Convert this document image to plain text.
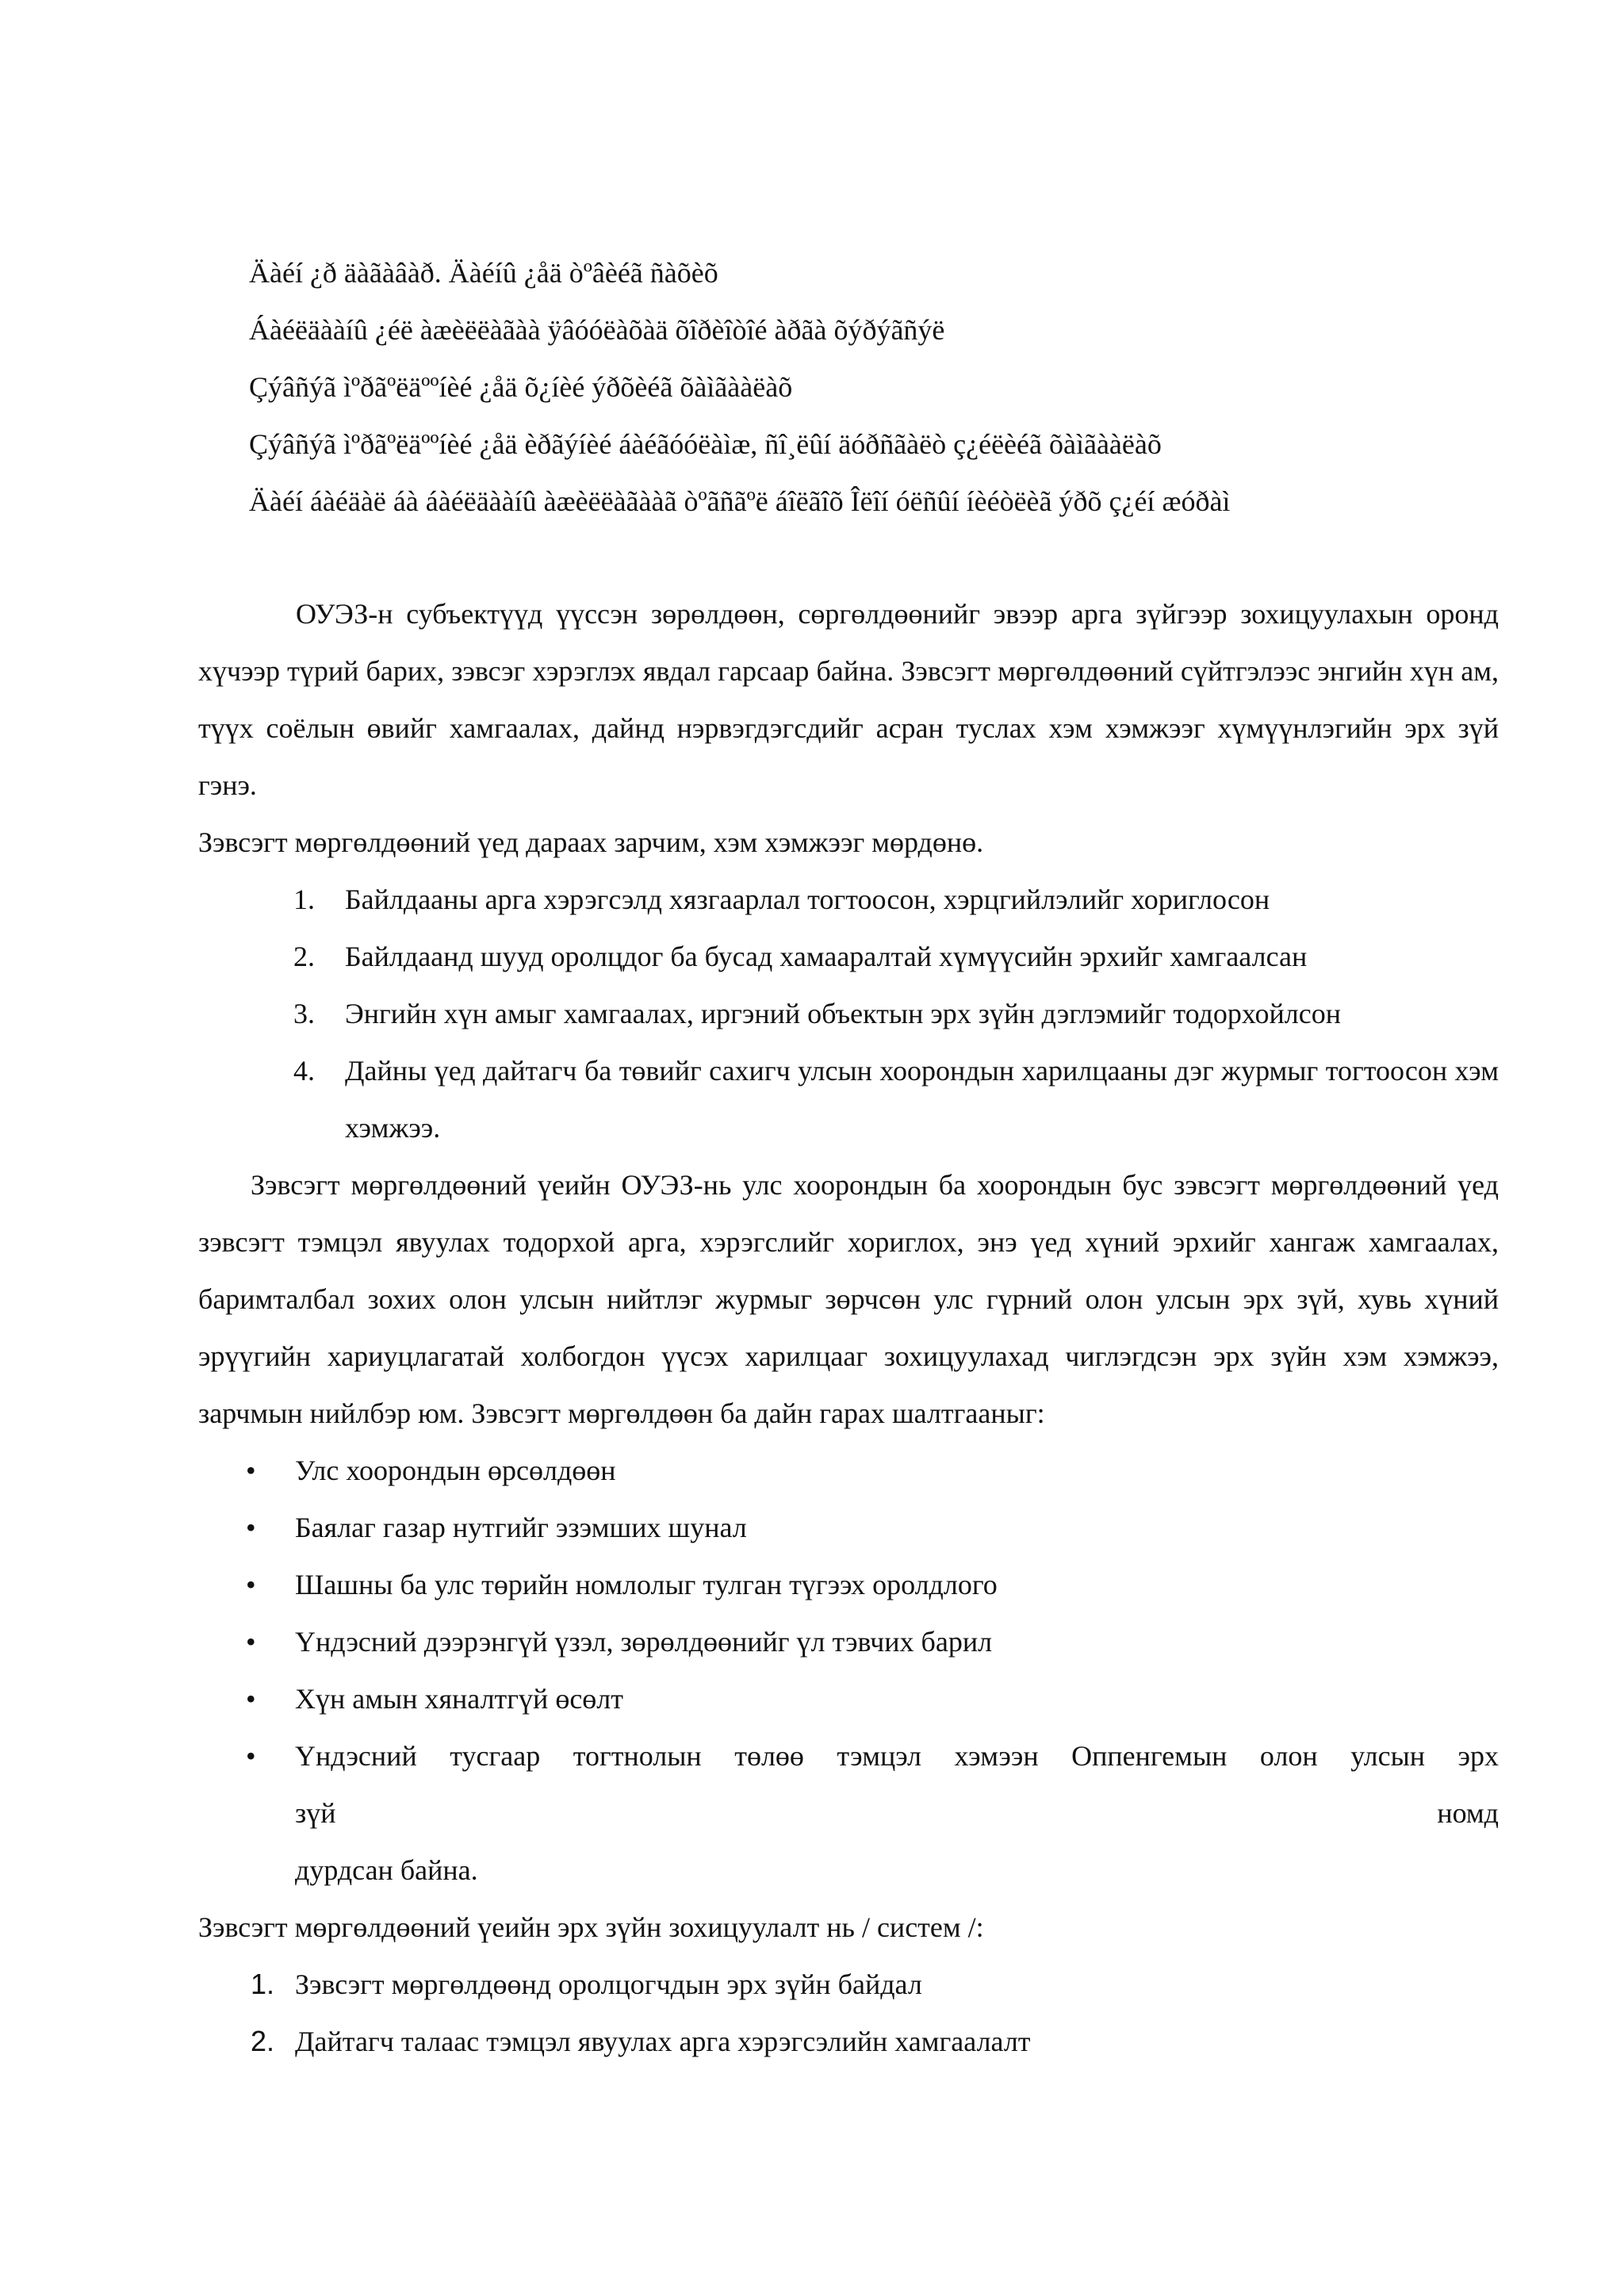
Äàéí ¿ð äàãàâàð. Äàéíû ¿åä òºâèéã ñàõèõ
Áàéëäààíû ¿éë àæèëëàãàà ÿâóóëàõàä õîðèîòîé àðãà õýðýãñýë
Çýâñýã ìºðãºëäººíèé ¿åä õ¿íèé ýðõèéã õàìãààëàõ
Çýâñýã ìºðãºëäººíèé ¿åä èðãýíèé áàéãóóëàìæ, ñî¸ëûí äóðñãàëò ç¿éëèéã õàìãààëàõ
Äàéí áàéäàë áà áàéëäààíû àæèëëàãààã òºãñãºë áîëãîõ Îëîí óëñûí íèéòëèã ýðõ ç¿éí æóðàì
ОУЭЗ-н субъектүүд үүссэн зөрөлдөөн, сөргөлдөөнийг эвээр арга зүйгээр зохицуулахын оронд хүчээр түрий барих, зэвсэг хэрэглэх явдал гарсаар байна. Зэвсэгт мөргөлдөөний сүйтгэлээс энгийн хүн ам, түүх соёлын өвийг хамгаалах, дайнд нэрвэгдэгсдийг асран туслах хэм хэмжээг хүмүүнлэгийн эрх зүй гэнэ.
Зэвсэгт мөргөлдөөний үед дараах зарчим, хэм хэмжээг мөрдөнө.
1. Байлдааны арга хэрэгсэлд хязгаарлал тогтоосон, хэрцгийлэлийг хориглосон
2. Байлдаанд шууд оролцдог ба бусад хамааралтай хүмүүсийн эрхийг хамгаалсан
3. Энгийн хүн амыг хамгаалах, иргэний объектын эрх зүйн дэглэмийг тодорхойлсон
4. Дайны үед дайтагч ба төвийг сахигч улсын хоорондын харилцааны дэг журмыг тогтоосон хэм хэмжээ.
Зэвсэгт мөргөлдөөний үеийн ОУЭЗ-нь улс хоорондын ба хоорондын бус зэвсэгт мөргөлдөөний үед зэвсэгт тэмцэл явуулах тодорхой арга, хэрэгслийг хориглох, энэ үед хүний эрхийг хангаж хамгаалах, баримталбал зохих олон улсын нийтлэг журмыг зөрчсөн улс гүрний олон улсын эрх зүй, хувь хүний эрүүгийн хариуцлагатай холбогдон үүсэх харилцааг зохицуулахад чиглэгдсэн эрх зүйн хэм хэмжээ, зарчмын нийлбэр юм. Зэвсэгт мөргөлдөөн ба дайн гарах шалтгааныг:
• Улс хоорондын өрсөлдөөн
• Баялаг газар нутгийг эзэмших шунал
• Шашны ба улс төрийн номлолыг тулган түгээх оролдлого
• Үндэсний дээрэнгүй үзэл, зөрөлдөөнийг үл тэвчих барил
• Хүн амын хяналтгүй өсөлт
• Үндэсний тусгаар тогтнолын төлөө тэмцэл хэмээн Оппенгемын олон улсын эрх
зүй номд
дурдсан байна.
Зэвсэгт мөргөлдөөний үеийн эрх зүйн зохицуулалт нь / систем /:
1. Зэвсэгт мөргөлдөөнд оролцогчдын эрх зүйн байдал
2. Дайтагч талаас тэмцэл явуулах арга хэрэгсэлийн хамгаалалт
